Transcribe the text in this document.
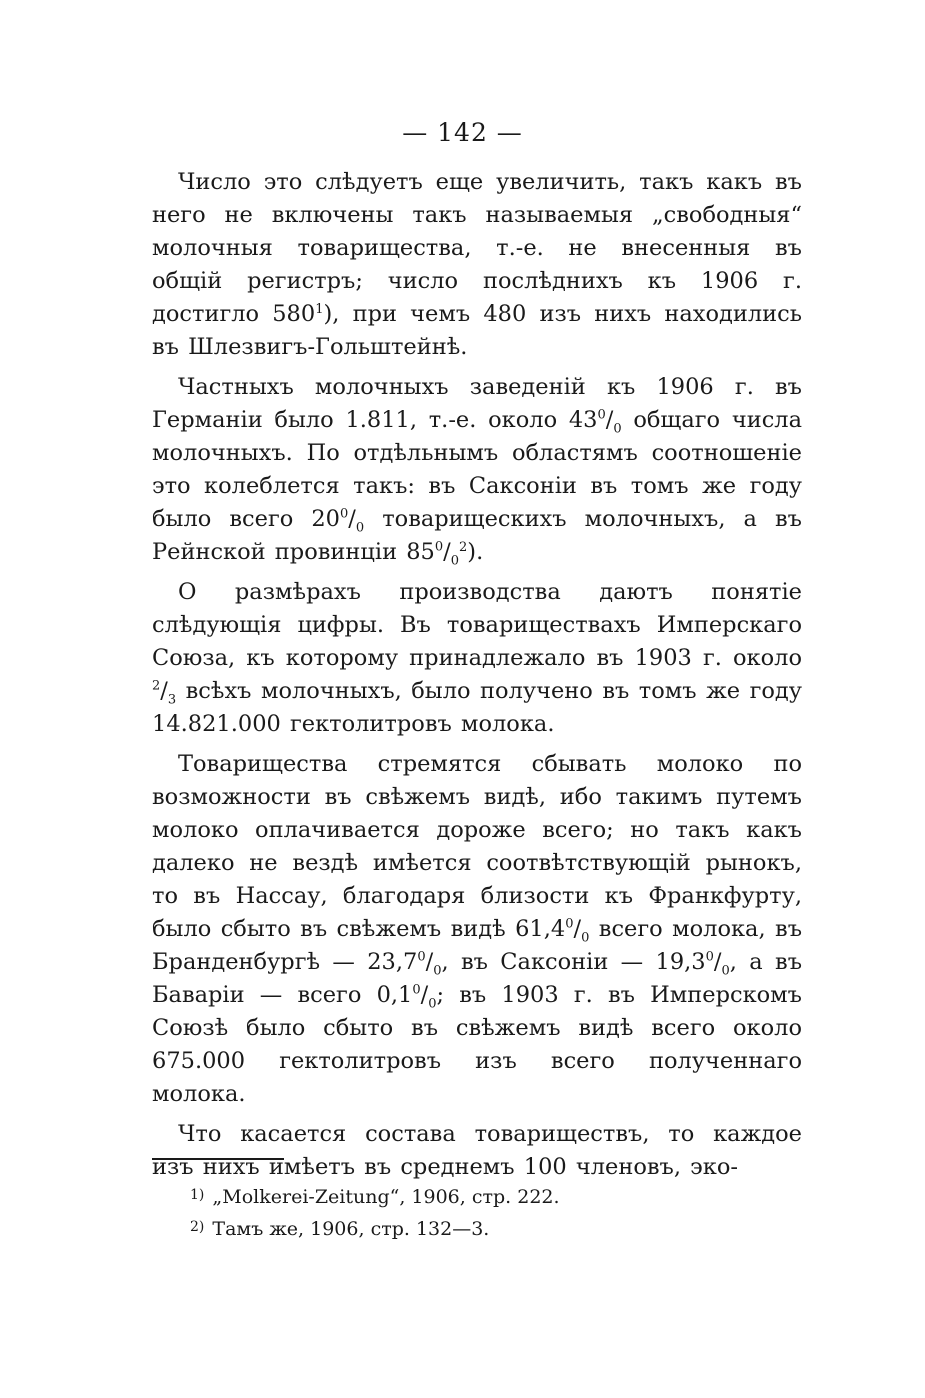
— 142 —

Число это слѣдуетъ еще увеличить, такъ какъ въ него не включены такъ называемыя „свободныя“ молочныя товарищества, т.-е. не внесенныя въ общій регистръ; число послѣднихъ къ 1906 г. достигло 580$^1$), при чемъ 480 изъ нихъ находились въ Шлезвигъ-Гольштейнѣ.

Частныхъ молочныхъ заведеній къ 1906 г. въ Германіи было 1.811, т.-е. около $43^0/_0$ общаго числа молочныхъ. По отдѣльнымъ областямъ соотношеніе это колеблется такъ: въ Саксоніи въ томъ же году было всего $20^0/_0$ товарищескихъ молочныхъ, а въ Рейнской провинціи $85^0/_0^2$).

О размѣрахъ производства даютъ понятіе слѣдующія цифры. Въ товариществахъ Имперскаго Союза, къ которому принадлежало въ 1903 г. около $^2/_3$ всѣхъ молочныхъ, было получено въ томъ же году 14.821.000 гектолитровъ молока.

Товарищества стремятся сбывать молоко по возможности въ свѣжемъ видѣ, ибо такимъ путемъ молоко оплачивается дороже всего; но такъ какъ далеко не вездѣ имѣется соотвѣтствующій рынокъ, то въ Нассау, благодаря близости къ Франкфурту, было сбыто въ свѣжемъ видѣ $61,4^0/_0$ всего молока, въ Бранденбургѣ — $23,7^0/_0$, въ Саксоніи — $19,3^0/_0$, а въ Баваріи — всего $0,1^0/_0$; въ 1903 г. въ Имперскомъ Союзѣ было сбыто въ свѣжемъ видѣ всего около 675.000 гектолитровъ изъ всего полученнаго молока.

Что касается состава товариществъ, то каждое изъ нихъ имѣетъ въ среднемъ 100 членовъ, эко-

1) „Molkerei-Zeitung“, 1906, стр. 222.

2) Тамъ же, 1906, стр. 132—3.
